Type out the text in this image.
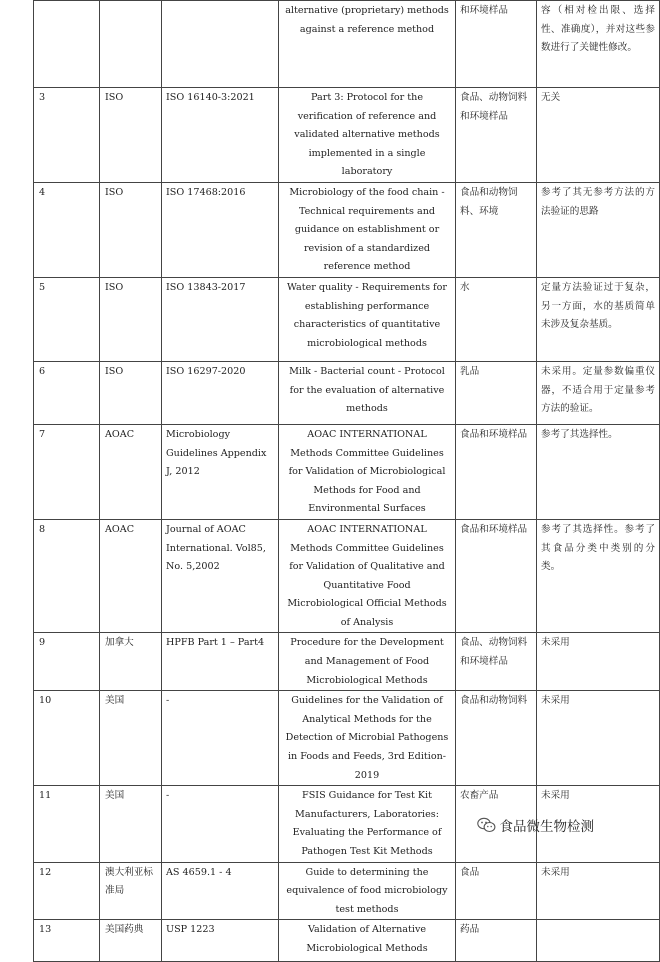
			alternative (proprietary) methods against a reference method	和环境样品	容（相对检出限、选择性、准确度），并对这些参数进行了关键性修改。
3	ISO	ISO 16140-3:2021	Part 3: Protocol for the verification of reference and validated alternative methods implemented in a single laboratory	食品、动物饲料和环境样品	无关
4	ISO	ISO 17468:2016	Microbiology of the food chain - Technical requirements and guidance on establishment or revision of a standardized reference method	食品和动物饲料、环境	参考了其无参考方法的方法验证的思路
5	ISO	ISO 13843-2017	Water quality - Requirements for establishing performance characteristics of quantitative microbiological methods	水	定量方法验证过于复杂，另一方面，水的基质简单未涉及复杂基质。
6	ISO	ISO 16297-2020	Milk - Bacterial count - Protocol for the evaluation of alternative methods	乳品	未采用。定量参数偏重仪器，不适合用于定量参考方法的验证。
7	AOAC	Microbiology Guidelines Appendix J, 2012	AOAC INTERNATIONAL Methods Committee Guidelines for Validation of Microbiological Methods for Food and Environmental Surfaces	食品和环境样品	参考了其选择性。
8	AOAC	Journal of AOAC International. Vol85, No. 5,2002	AOAC INTERNATIONAL Methods Committee Guidelines for Validation of Qualitative and Quantitative Food Microbiological Official Methods of Analysis	食品和环境样品	参考了其选择性。参考了其食品分类中类别的分类。
9	加拿大	HPFB Part 1 – Part4	Procedure for the Development and Management of Food Microbiological Methods	食品、动物饲料和环境样品	未采用
10	美国	-	Guidelines for the Validation of Analytical Methods for the Detection of Microbial Pathogens in Foods and Feeds, 3rd Edition-2019	食品和动物饲料	未采用
11	美国	-	FSIS Guidance for Test Kit Manufacturers, Laboratories: Evaluating the Performance of Pathogen Test Kit Methods	农畜产品	未采用
12	澳大利亚标准局	AS 4659.1 - 4	Guide to determining the equivalence of food microbiology test methods	食品	未采用
13	美国药典	USP 1223	Validation of Alternative Microbiological Methods	药品	
食品微生物检测
